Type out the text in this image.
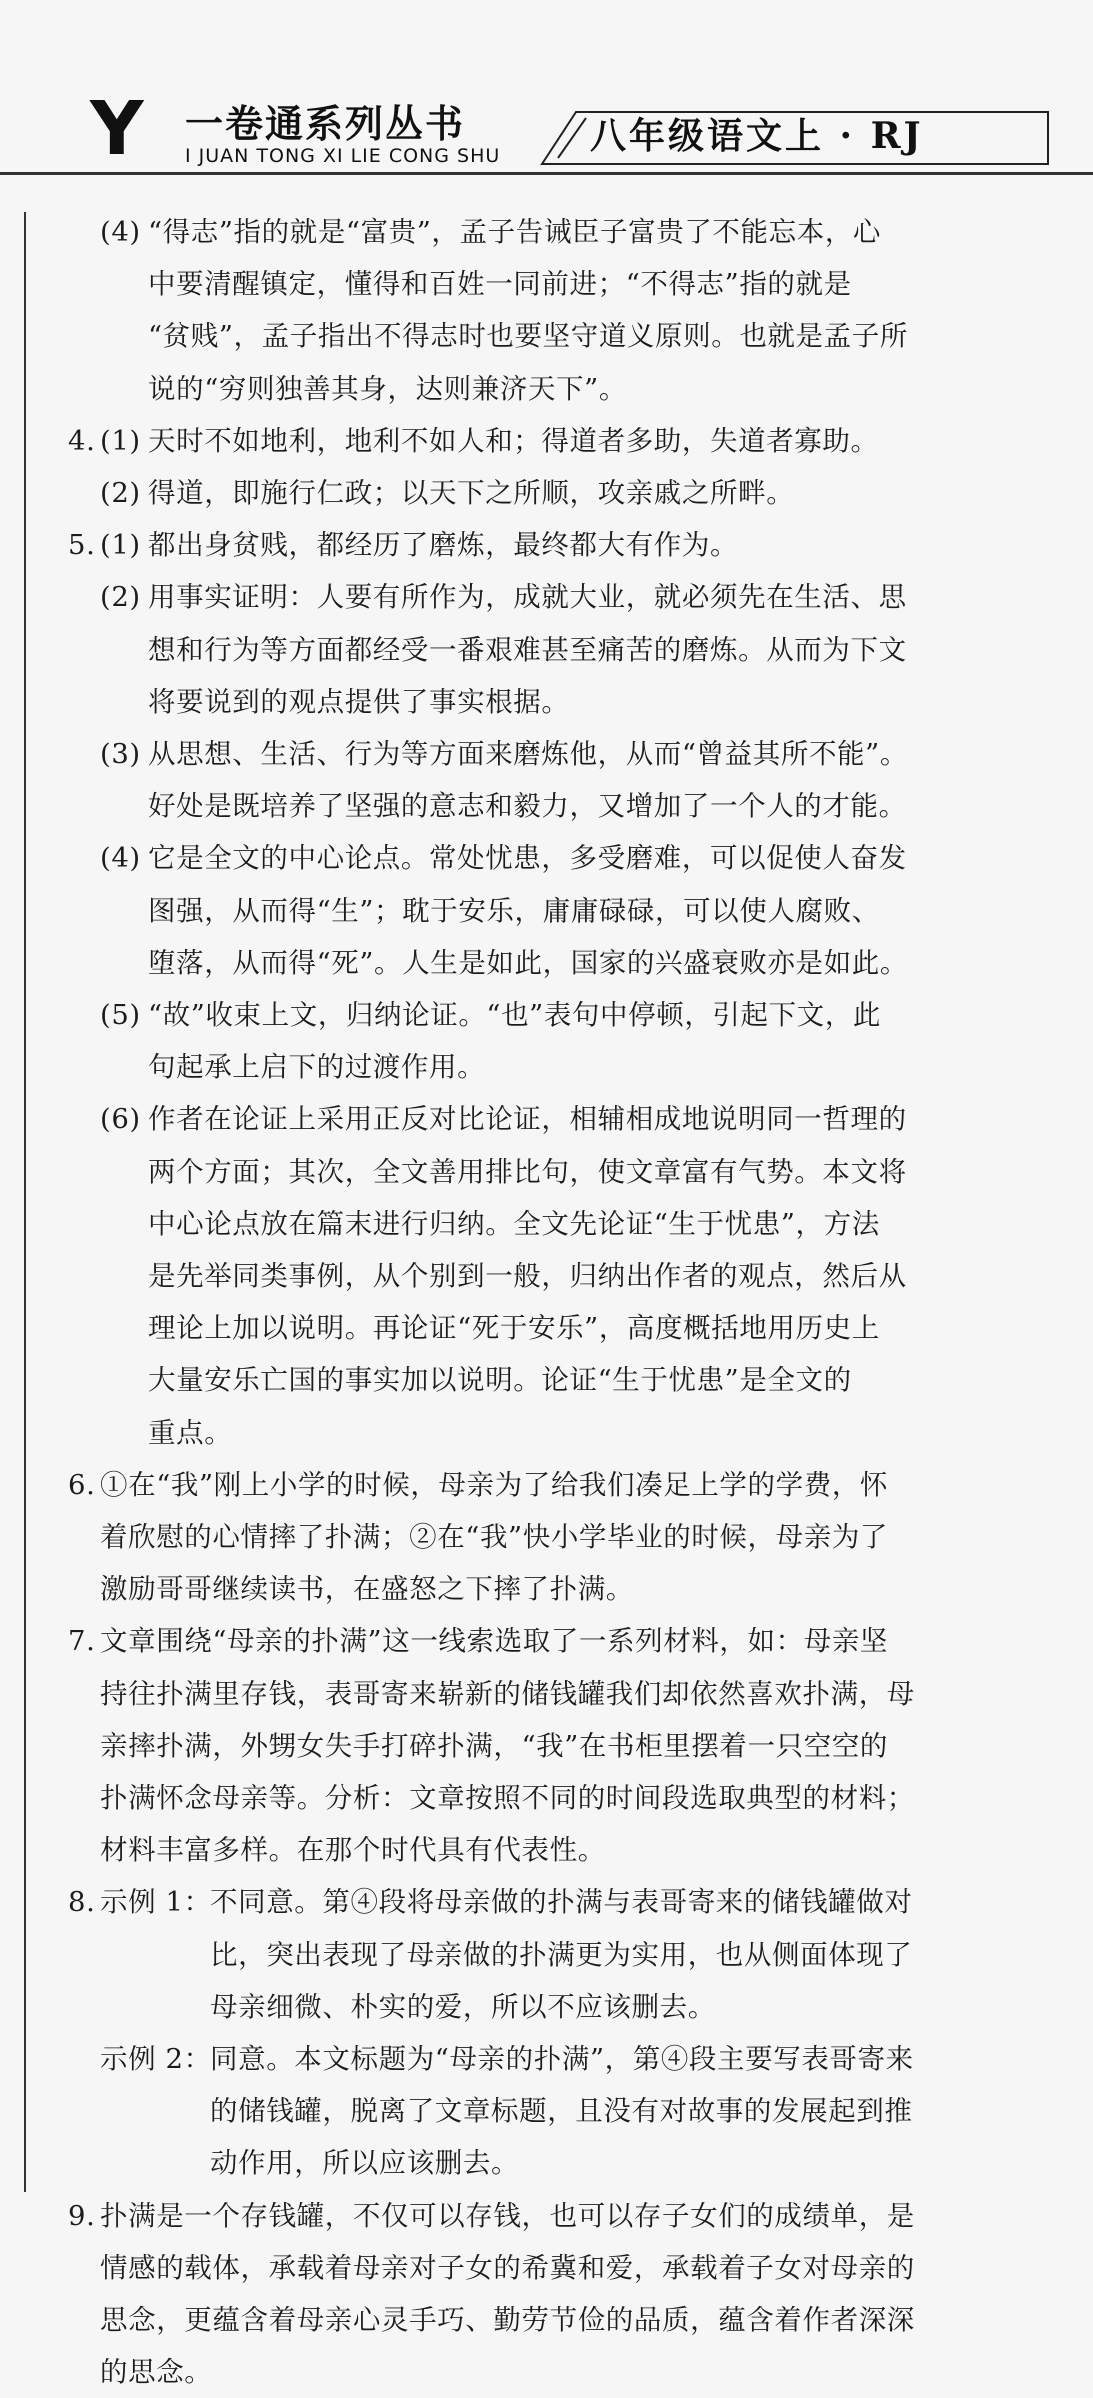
Y 一卷通系列丛书
I JUAN TONG XI LIE CONG SHU 八年级语文上 · RJ
(4) “得志”指的就是“富贵”，孟子告诫臣子富贵了不能忘本，心
中要清醒镇定，懂得和百姓一同前进；“不得志”指的就是
“贫贱”，孟子指出不得志时也要坚守道义原则。也就是孟子所
说的“穷则独善其身，达则兼济天下”。
4. (1) 天时不如地利，地利不如人和；得道者多助，失道者寡助。
(2) 得道，即施行仁政；以天下之所顺，攻亲戚之所畔。
5. (1) 都出身贫贱，都经历了磨炼，最终都大有作为。
(2) 用事实证明：人要有所作为，成就大业，就必须先在生活、思
想和行为等方面都经受一番艰难甚至痛苦的磨炼。从而为下文
将要说到的观点提供了事实根据。
(3) 从思想、生活、行为等方面来磨炼他，从而“曾益其所不能”。
好处是既培养了坚强的意志和毅力，又增加了一个人的才能。
(4) 它是全文的中心论点。常处忧患，多受磨难，可以促使人奋发
图强，从而得“生”；耽于安乐，庸庸碌碌，可以使人腐败、
堕落，从而得“死”。人生是如此，国家的兴盛衰败亦是如此。
(5) “故”收束上文，归纳论证。“也”表句中停顿，引起下文，此
句起承上启下的过渡作用。
(6) 作者在论证上采用正反对比论证，相辅相成地说明同一哲理的
两个方面；其次，全文善用排比句，使文章富有气势。本文将
中心论点放在篇末进行归纳。全文先论证“生于忧患”，方法
是先举同类事例，从个别到一般，归纳出作者的观点，然后从
理论上加以说明。再论证“死于安乐”，高度概括地用历史上
大量安乐亡国的事实加以说明。论证“生于忧患”是全文的
重点。
6. ①在“我”刚上小学的时候，母亲为了给我们凑足上学的学费，怀
着欣慰的心情摔了扑满；②在“我”快小学毕业的时候，母亲为了
激励哥哥继续读书，在盛怒之下摔了扑满。
7. 文章围绕“母亲的扑满”这一线索选取了一系列材料，如：母亲坚
持往扑满里存钱，表哥寄来崭新的储钱罐我们却依然喜欢扑满，母
亲摔扑满，外甥女失手打碎扑满，“我”在书柜里摆着一只空空的
扑满怀念母亲等。分析：文章按照不同的时间段选取典型的材料；
材料丰富多样。在那个时代具有代表性。
8. 示例 1：
不同意。第④段将母亲做的扑满与表哥寄来的储钱罐做对
比，突出表现了母亲做的扑满更为实用，也从侧面体现了
母亲细微、朴实的爱，所以不应该删去。
示例 2：
同意。本文标题为“母亲的扑满”，第④段主要写表哥寄来
的储钱罐，脱离了文章标题，且没有对故事的发展起到推
动作用，所以应该删去。
9. 扑满是一个存钱罐，不仅可以存钱，也可以存子女们的成绩单，是
情感的载体，承载着母亲对子女的希冀和爱，承载着子女对母亲的
思念，更蕴含着母亲心灵手巧、勤劳节俭的品质，蕴含着作者深深
的思念。
